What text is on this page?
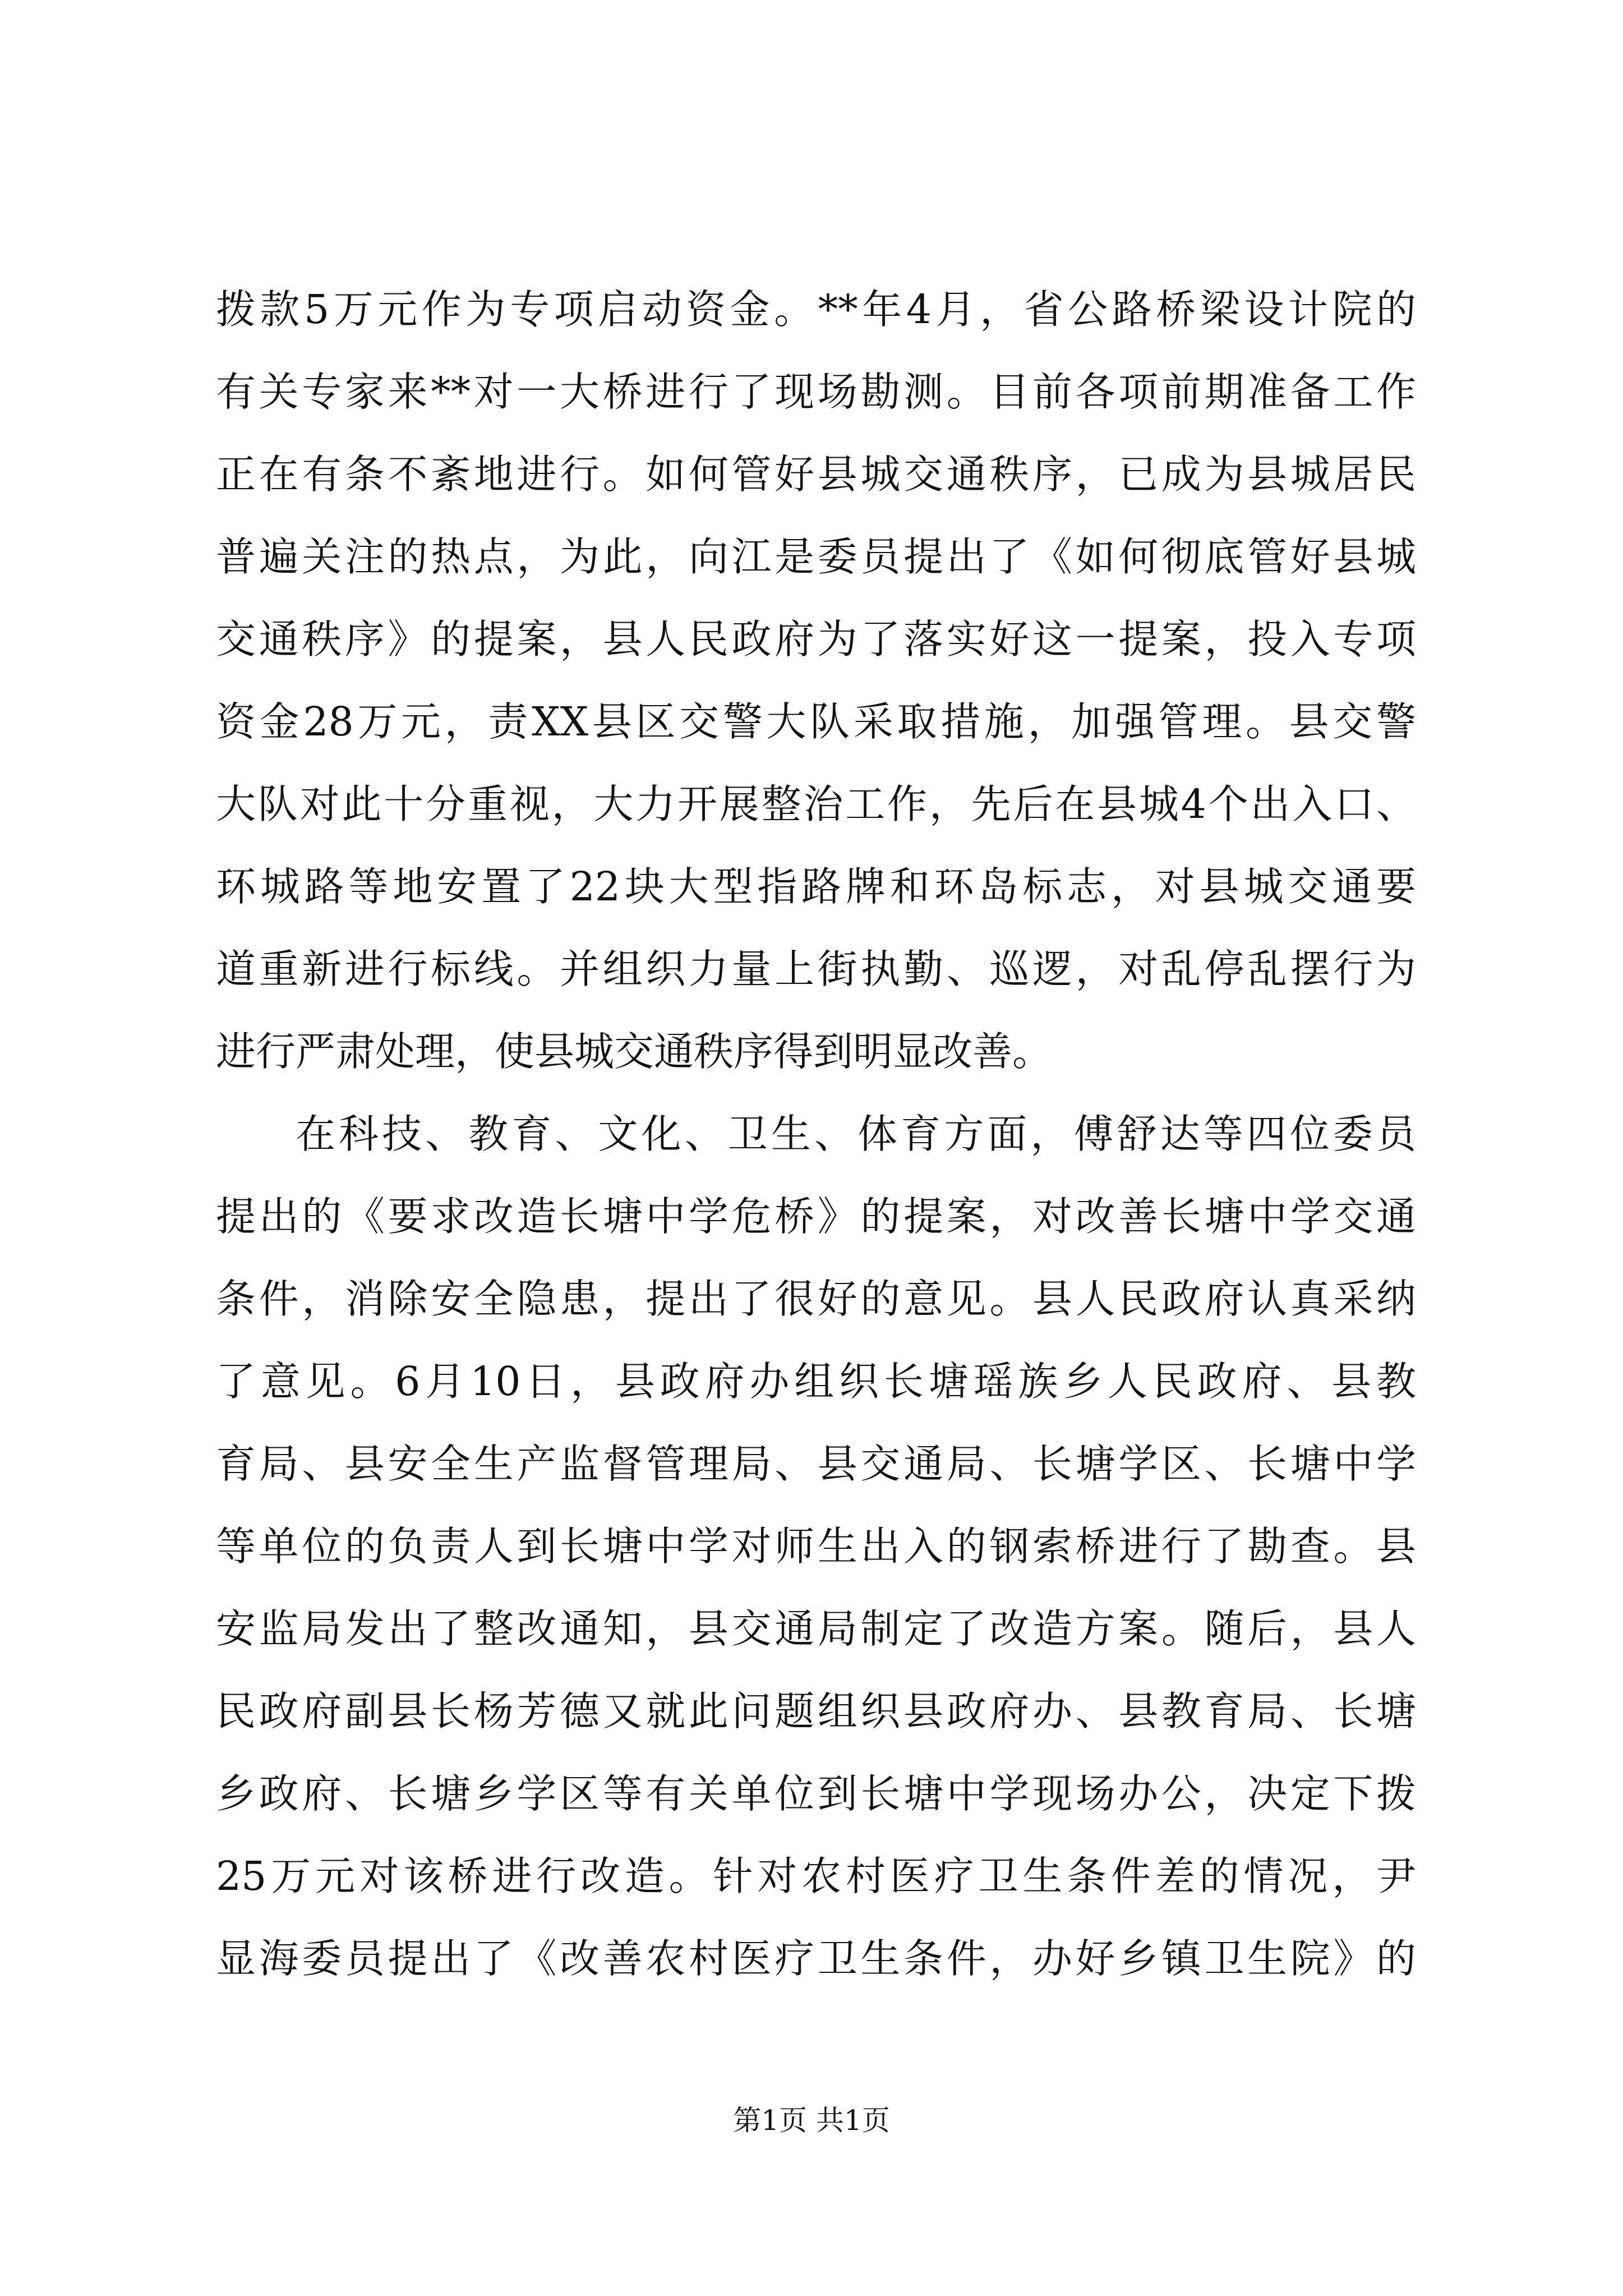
拨款5万元作为专项启动资金。**年4月，省公路桥梁设计院的
有关专家来**对一大桥进行了现场勘测。目前各项前期准备工作
正在有条不紊地进行。如何管好县城交通秩序，已成为县城居民
普遍关注的热点，为此，向江是委员提出了《如何彻底管好县城
交通秩序》的提案，县人民政府为了落实好这一提案，投入专项
资金28万元，责XX县区交警大队采取措施，加强管理。县交警
大队对此十分重视，大力开展整治工作，先后在县城4个出入口、
环城路等地安置了22块大型指路牌和环岛标志，对县城交通要
道重新进行标线。并组织力量上街执勤、巡逻，对乱停乱摆行为
进行严肃处理，使县城交通秩序得到明显改善。
在科技、教育、文化、卫生、体育方面，傅舒达等四位委员
提出的《要求改造长塘中学危桥》的提案，对改善长塘中学交通
条件，消除安全隐患，提出了很好的意见。县人民政府认真采纳
了意见。6月10日，县政府办组织长塘瑶族乡人民政府、县教
育局、县安全生产监督管理局、县交通局、长塘学区、长塘中学
等单位的负责人到长塘中学对师生出入的钢索桥进行了勘查。县
安监局发出了整改通知，县交通局制定了改造方案。随后，县人
民政府副县长杨芳德又就此问题组织县政府办、县教育局、长塘
乡政府、长塘乡学区等有关单位到长塘中学现场办公，决定下拨
25万元对该桥进行改造。针对农村医疗卫生条件差的情况，尹
显海委员提出了《改善农村医疗卫生条件，办好乡镇卫生院》的
第1页 共1页
